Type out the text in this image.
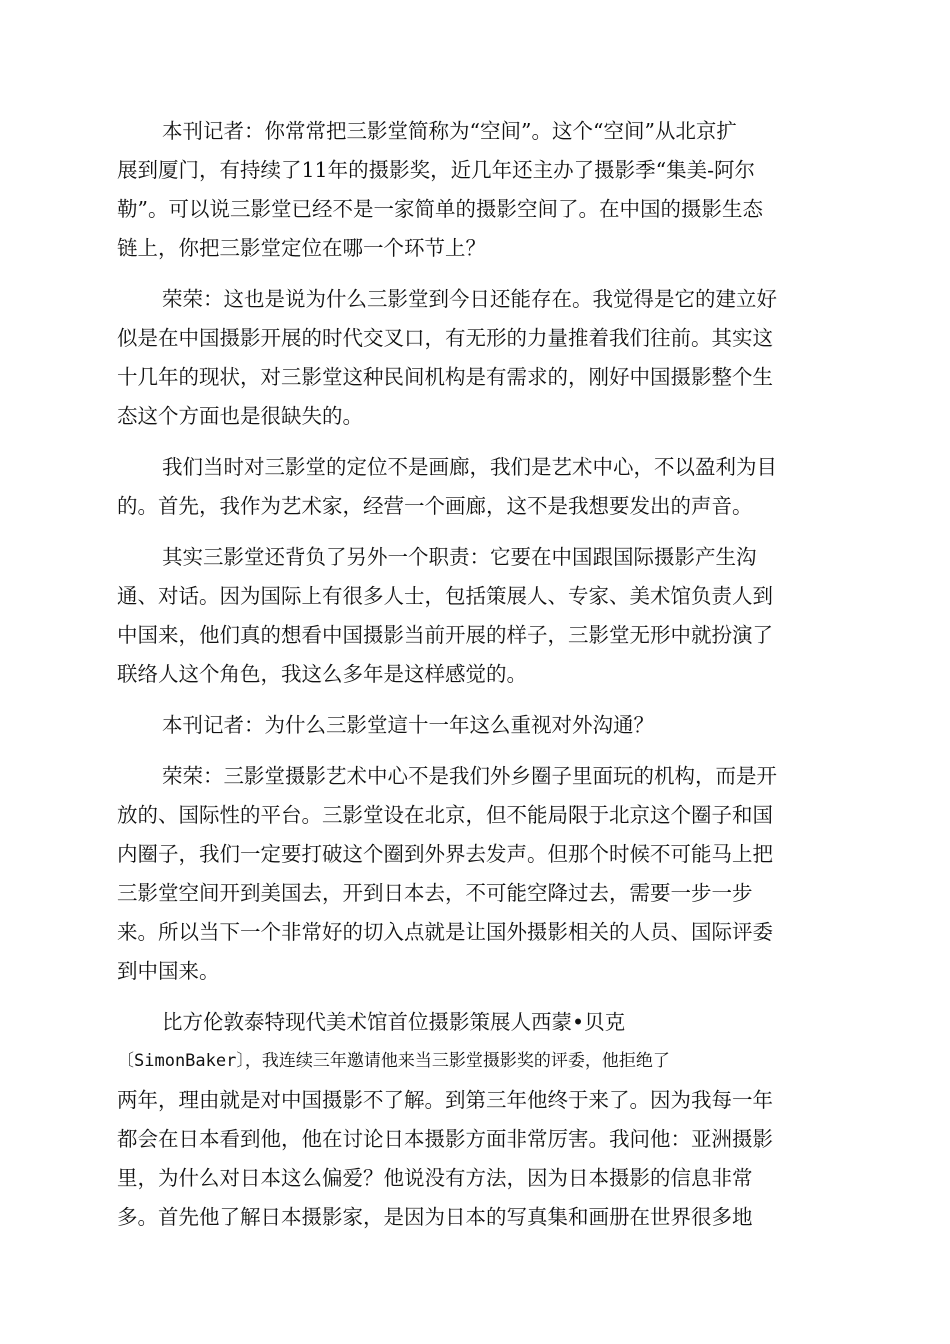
本刊记者：你常常把三影堂简称为“空间”。这个“空间”从北京扩
展到厦门，有持续了11年的摄影奖，近几年还主办了摄影季“集美-阿尔
勒”。可以说三影堂已经不是一家简单的摄影空间了。在中国的摄影生态
链上，你把三影堂定位在哪一个环节上？
荣荣：这也是说为什么三影堂到今日还能存在。我觉得是它的建立好
似是在中国摄影开展的时代交叉口，有无形的力量推着我们往前。其实这
十几年的现状，对三影堂这种民间机构是有需求的，刚好中国摄影整个生
态这个方面也是很缺失的。
我们当时对三影堂的定位不是画廊，我们是艺术中心，不以盈利为目
的。首先，我作为艺术家，经营一个画廊，这不是我想要发出的声音。
其实三影堂还背负了另外一个职责：它要在中国跟国际摄影产生沟
通、对话。因为国际上有很多人士，包括策展人、专家、美术馆负责人到
中国来，他们真的想看中国摄影当前开展的样子，三影堂无形中就扮演了
联络人这个角色，我这么多年是这样感觉的。
本刊记者：为什么三影堂這十一年这么重视对外沟通？
荣荣：三影堂摄影艺术中心不是我们外乡圈子里面玩的机构，而是开
放的、国际性的平台。三影堂设在北京，但不能局限于北京这个圈子和国
内圈子，我们一定要打破这个圈到外界去发声。但那个时候不可能马上把
三影堂空间开到美国去，开到日本去，不可能空降过去，需要一步一步
来。所以当下一个非常好的切入点就是让国外摄影相关的人员、国际评委
到中国来。
比方伦敦泰特现代美术馆首位摄影策展人西蒙•贝克
〔SimonBaker〕，我连续三年邀请他来当三影堂摄影奖的评委，他拒绝了
两年，理由就是对中国摄影不了解。到第三年他终于来了。因为我每一年
都会在日本看到他，他在讨论日本摄影方面非常厉害。我问他：亚洲摄影
里，为什么对日本这么偏爱？他说没有方法，因为日本摄影的信息非常
多。首先他了解日本摄影家，是因为日本的写真集和画册在世界很多地
